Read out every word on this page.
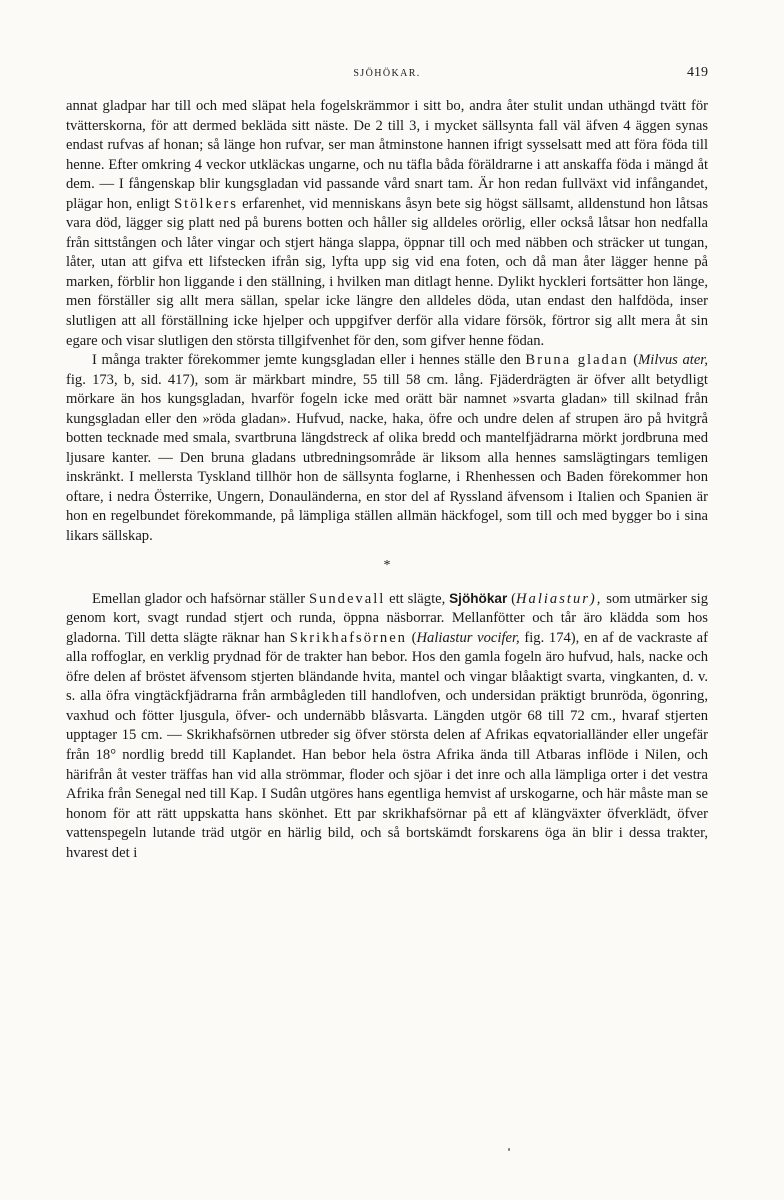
SJÖHÖKAR.	419

annat gladpar har till och med släpat hela fogelskrämmor i sitt bo, andra åter stulit undan uthängd tvätt för tvätterskorna, för att dermed bekläda sitt näste. De 2 till 3, i mycket sällsynta fall väl äfven 4 äggen synas endast rufvas af honan; så länge hon rufvar, ser man åtminstone hannen ifrigt sysselsatt med att föra föda till henne. Efter omkring 4 veckor utkläckas ungarne, och nu täfla båda föräldrarne i att anskaffa föda i mängd åt dem. — I fångenskap blir kungsgladan vid passande vård snart tam. Är hon redan fullväxt vid infångandet, plägar hon, enligt Stölkers erfarenhet, vid menniskans åsyn bete sig högst sällsamt, alldenstund hon låtsas vara död, lägger sig platt ned på burens botten och håller sig alldeles orörlig, eller också låtsar hon nedfalla från sittstången och låter vingar och stjert hänga slappa, öppnar till och med näbben och sträcker ut tungan, låter, utan att gifva ett lifstecken ifrån sig, lyfta upp sig vid ena foten, och då man åter lägger henne på marken, förblir hon liggande i den ställning, i hvilken man ditlagt henne. Dylikt hyckleri fortsätter hon länge, men förställer sig allt mera sällan, spelar icke längre den alldeles döda, utan endast den halfdöda, inser slutligen att all förställning icke hjelper och uppgifver derför alla vidare försök, förtror sig allt mera åt sin egare och visar slutligen den största tillgifvenhet för den, som gifver henne födan.

I många trakter förekommer jemte kungsgladan eller i hennes ställe den Bruna gladan (Milvus ater, fig. 173, b, sid. 417), som är märkbart mindre, 55 till 58 cm. lång. Fjäderdrägten är öfver allt betydligt mörkare än hos kungsgladan, hvarför fogeln icke med orätt bär namnet »svarta gladan» till skilnad från kungsgladan eller den »röda gladan». Hufvud, nacke, haka, öfre och undre delen af strupen äro på hvitgrå botten tecknade med smala, svartbruna längdstreck af olika bredd och mantelfjädrarna mörkt jordbruna med ljusare kanter. — Den bruna gladans utbredningsområde är liksom alla hennes samslägtingars temligen inskränkt. I mellersta Tyskland tillhör hon de sällsynta foglarne, i Rhenhessen och Baden förekommer hon oftare, i nedra Österrike, Ungern, Donauländerna, en stor del af Ryssland äfvensom i Italien och Spanien är hon en regelbundet förekommande, på lämpliga ställen allmän häckfogel, som till och med bygger bo i sina likars sällskap.

*

Emellan glador och hafsörnar ställer Sundevall ett slägte, Sjöhökar (Haliastur), som utmärker sig genom kort, svagt rundad stjert och runda, öppna näsborrar. Mellanfötter och tår äro klädda som hos gladorna. Till detta slägte räknar han Skrikhafsörnen (Haliastur vocifer, fig. 174), en af de vackraste af alla roffoglar, en verklig prydnad för de trakter han bebor. Hos den gamla fogeln äro hufvud, hals, nacke och öfre delen af bröstet äfvensom stjerten bländande hvita, mantel och vingar blåaktigt svarta, vingkanten, d. v. s. alla öfra vingtäckfjädrarna från armbågleden till handlofven, och undersidan präktigt brunröda, ögonring, vaxhud och fötter ljusgula, öfver- och undernäbb blåsvarta. Längden utgör 68 till 72 cm., hvaraf stjerten upptager 15 cm. — Skrikhafsörnen utbreder sig öfver största delen af Afrikas eqvatorialländer eller ungefär från 18° nordlig bredd till Kaplandet. Han bebor hela östra Afrika ända till Atbaras inflöde i Nilen, och härifrån åt vester träffas han vid alla strömmar, floder och sjöar i det inre och alla lämpliga orter i det vestra Afrika från Senegal ned till Kap. I Sudân utgöres hans egentliga hemvist af urskogarne, och här måste man se honom för att rätt uppskatta hans skönhet. Ett par skrikhafsörnar på ett af klängväxter öfverklädt, öfver vattenspegeln lutande träd utgör en härlig bild, och så bortskämdt forskarens öga än blir i dessa trakter, hvarest det i
